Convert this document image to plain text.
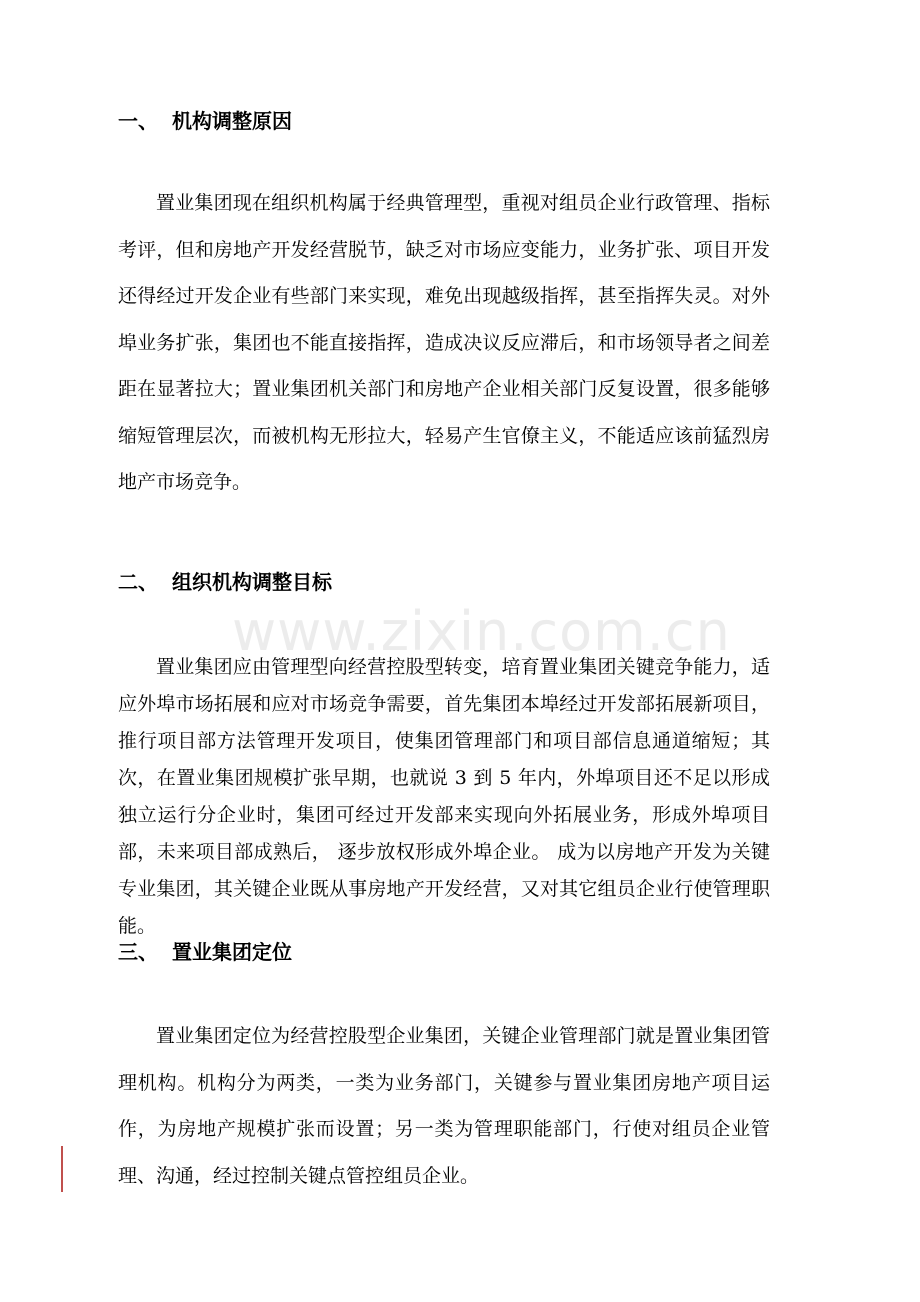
www.zixin.com.cn
一、 机构调整原因

置业集团现在组织机构属于经典管理型，重视对组员企业行政管理、指标考评，但和房地产开发经营脱节，缺乏对市场应变能力，业务扩张、项目开发还得经过开发企业有些部门来实现，难免出现越级指挥，甚至指挥失灵。对外埠业务扩张，集团也不能直接指挥，造成决议反应滞后，和市场领导者之间差距在显著拉大；置业集团机关部门和房地产企业相关部门反复设置，很多能够缩短管理层次，而被机构无形拉大，轻易产生官僚主义，不能适应该前猛烈房地产市场竞争。

二、 组织机构调整目标

置业集团应由管理型向经营控股型转变，培育置业集团关键竞争能力，适应外埠市场拓展和应对市场竞争需要，首先集团本埠经过开发部拓展新项目，推行项目部方法管理开发项目，使集团管理部门和项目部信息通道缩短；其次，在置业集团规模扩张早期，也就说 3 到 5 年内，外埠项目还不足以形成独立运行分企业时，集团可经过开发部来实现向外拓展业务，形成外埠项目部，未来项目部成熟后， 逐步放权形成外埠企业。 成为以房地产开发为关键专业集团，其关键企业既从事房地产开发经营，又对其它组员企业行使管理职能。

三、 置业集团定位

置业集团定位为经营控股型企业集团，关键企业管理部门就是置业集团管理机构。机构分为两类，一类为业务部门，关键参与置业集团房地产项目运作，为房地产规模扩张而设置；另一类为管理职能部门，行使对组员企业管理、沟通，经过控制关键点管控组员企业。
